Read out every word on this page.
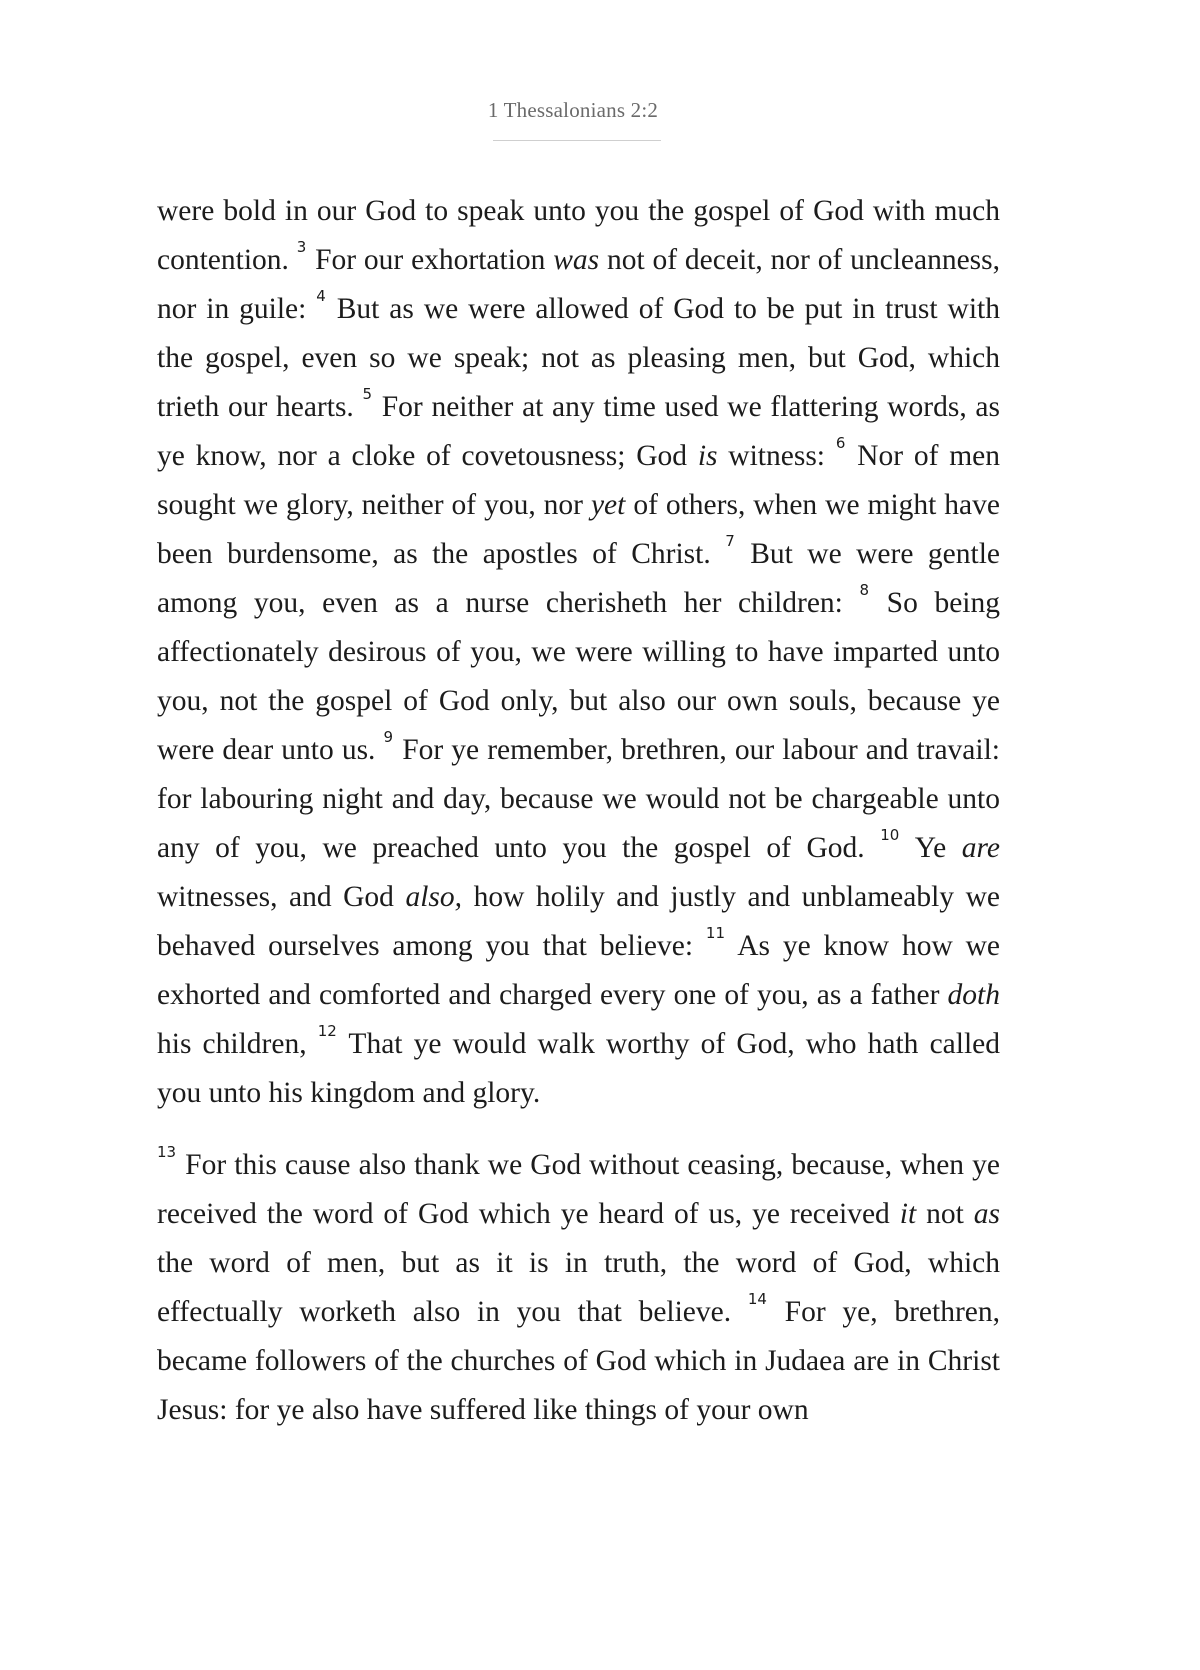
1 Thessalonians 2:2

were bold in our God to speak unto you the gospel of God with much contention. $^3$ For our exhortation was not of deceit, nor of uncleanness, nor in guile: $^4$ But as we were allowed of God to be put in trust with the gospel, even so we speak; not as pleasing men, but God, which trieth our hearts. $^5$ For neither at any time used we flattering words, as ye know, nor a cloke of covetousness; God is witness: $^6$ Nor of men sought we glory, neither of you, nor yet of others, when we might have been burdensome, as the apostles of Christ. $^7$ But we were gentle among you, even as a nurse cherisheth her children: $^8$ So being affectionately desirous of you, we were willing to have imparted unto you, not the gospel of God only, but also our own souls, because ye were dear unto us. $^9$ For ye remember, brethren, our labour and travail: for labouring night and day, because we would not be chargeable unto any of you, we preached unto you the gospel of God. $^{10}$ Ye are witnesses, and God also, how holily and justly and unblameably we behaved ourselves among you that believe: $^{11}$ As ye know how we exhorted and comforted and charged every one of you, as a father doth his children, $^{12}$ That ye would walk worthy of God, who hath called you unto his kingdom and glory.

$^{13}$ For this cause also thank we God without ceasing, because, when ye received the word of God which ye heard of us, ye received it not as the word of men, but as it is in truth, the word of God, which effectually worketh also in you that believe. $^{14}$ For ye, brethren, became followers of the churches of God which in Judaea are in Christ Jesus: for ye also have suffered like things of your own
